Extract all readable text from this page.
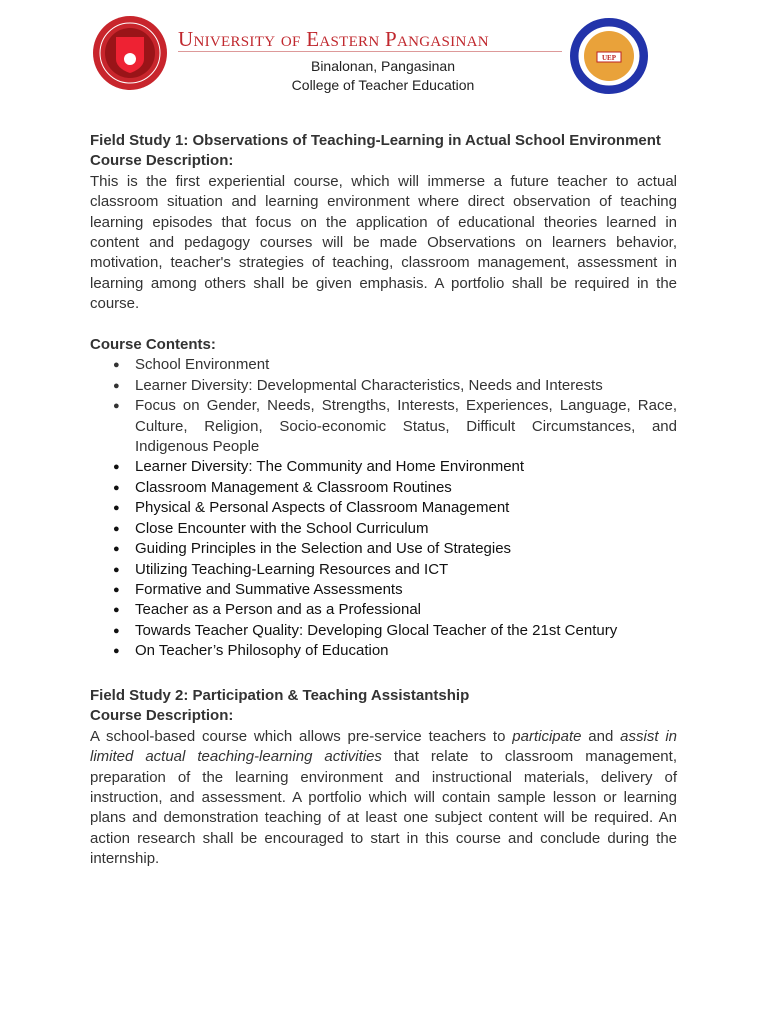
University of Eastern Pangasinan
Binalonan, Pangasinan
College of Teacher Education
UEP
Field Study 1: Observations of Teaching-Learning in Actual School Environment
Course Description:

This is the first experiential course, which will immerse a future teacher to actual classroom situation and learning environment where direct observation of teaching learning episodes that focus on the application of educational theories learned in content and pedagogy courses will be made Observations on learners behavior, motivation, teacher's strategies of teaching, classroom management, assessment in learning among others shall be given emphasis. A portfolio shall be required in the course.

Course Contents:
● School Environment
● Learner Diversity: Developmental Characteristics, Needs and Interests
● Focus on Gender, Needs, Strengths, Interests, Experiences, Language, Race, Culture, Religion, Socio-economic Status, Difficult Circumstances, and Indigenous People
● Learner Diversity: The Community and Home Environment
● Classroom Management & Classroom Routines
● Physical & Personal Aspects of Classroom Management
● Close Encounter with the School Curriculum
● Guiding Principles in the Selection and Use of Strategies
● Utilizing Teaching-Learning Resources and ICT
● Formative and Summative Assessments
● Teacher as a Person and as a Professional
● Towards Teacher Quality: Developing Glocal Teacher of the 21st Century
● On Teacher’s Philosophy of Education
Field Study 2: Participation & Teaching Assistantship
Course Description:

A school-based course which allows pre-service teachers to participate and assist in limited actual teaching-learning activities that relate to classroom management, preparation of the learning environment and instructional materials, delivery of instruction, and assessment. A portfolio which will contain sample lesson or learning plans and demonstration teaching of at least one subject content will be required. An action research shall be encouraged to start in this course and conclude during the internship.
